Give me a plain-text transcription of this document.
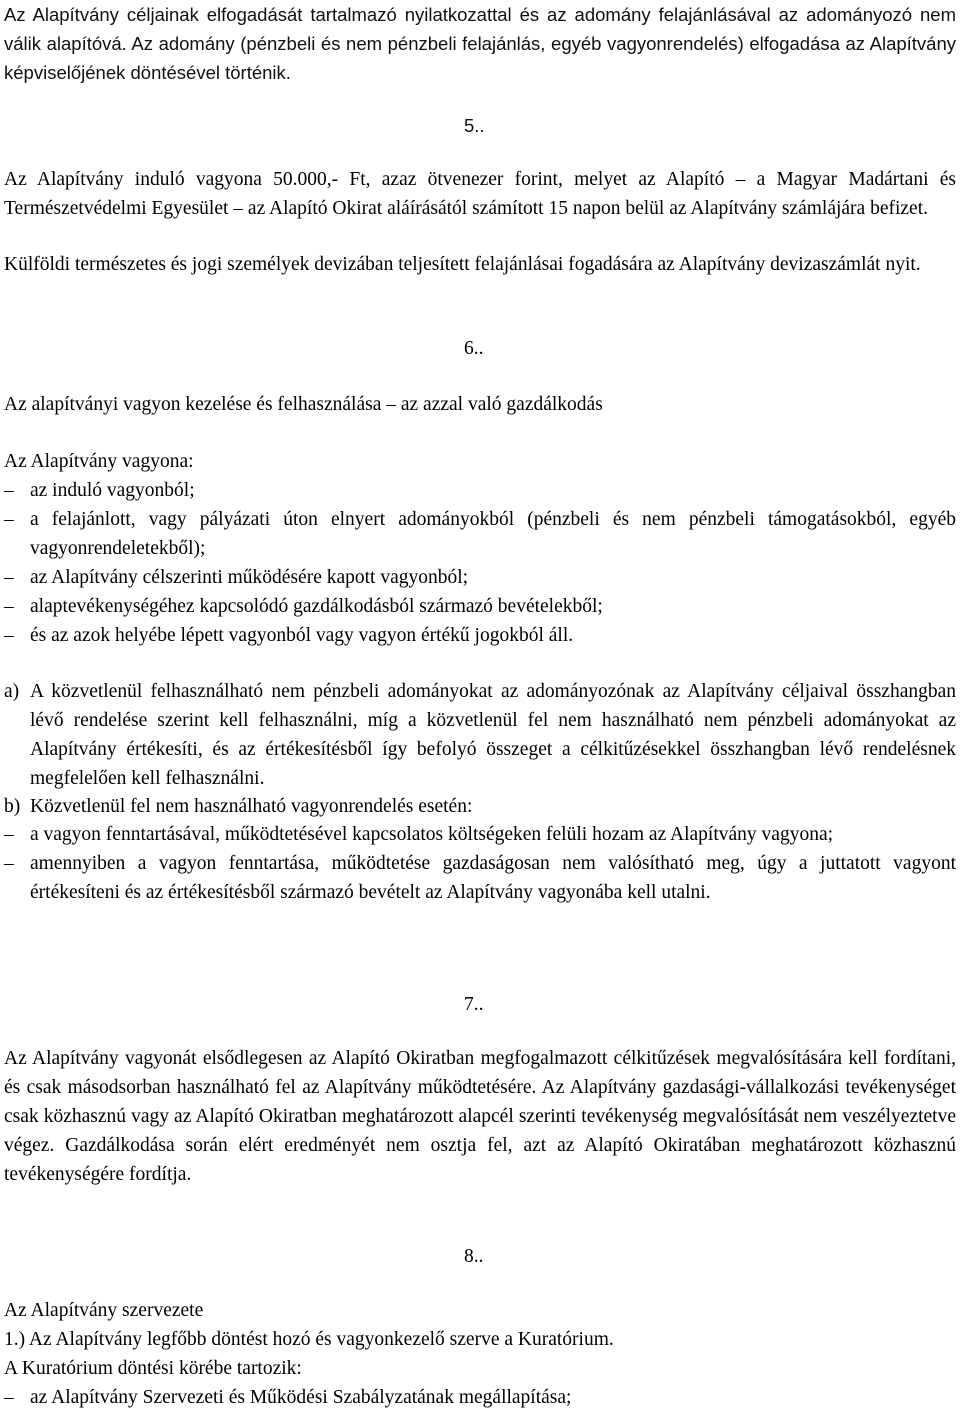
Az Alapítvány céljainak elfogadását tartalmazó nyilatkozattal és az adomány felajánlásával az adományozó nem válik alapítóvá. Az adomány (pénzbeli és nem pénzbeli felajánlás, egyéb vagyonrendelés) elfogadása az Alapítvány képviselőjének döntésével történik.

5..

Az Alapítvány induló vagyona 50.000,- Ft, azaz ötvenezer forint, melyet az Alapító – a Magyar Madártani és Természetvédelmi Egyesület – az Alapító Okirat aláírásától számított 15 napon belül az Alapítvány számlájára befizet.

Külföldi természetes és jogi személyek devizában teljesített felajánlásai fogadására az Alapítvány devizaszámlát nyit.

6..

Az alapítványi vagyon kezelése és felhasználása – az azzal való gazdálkodás

Az Alapítvány vagyona:

– az induló vagyonból;
– a felajánlott, vagy pályázati úton elnyert adományokból (pénzbeli és nem pénzbeli támogatásokból, egyéb vagyonrendeletekből);
– az Alapítvány célszerinti működésére kapott vagyonból;
– alaptevékenységéhez kapcsolódó gazdálkodásból származó bevételekből;
– és az azok helyébe lépett vagyonból vagy vagyon értékű jogokból áll.
a) A közvetlenül felhasználható nem pénzbeli adományokat az adományozónak az Alapítvány céljaival összhangban lévő rendelése szerint kell felhasználni, míg a közvetlenül fel nem használható nem pénzbeli adományokat az Alapítvány értékesíti, és az értékesítésből így befolyó összeget a célkitűzésekkel összhangban lévő rendelésnek megfelelően kell felhasználni.
b) Közvetlenül fel nem használható vagyonrendelés esetén:
– a vagyon fenntartásával, működtetésével kapcsolatos költségeken felüli hozam az Alapítvány vagyona;
– amennyiben a vagyon fenntartása, működtetése gazdaságosan nem valósítható meg, úgy a juttatott vagyont értékesíteni és az értékesítésből származó bevételt az Alapítvány vagyonába kell utalni.
7..

Az Alapítvány vagyonát elsődlegesen az Alapító Okiratban megfogalmazott célkitűzések megvalósítására kell fordítani, és csak másodsorban használható fel az Alapítvány működtetésére. Az Alapítvány gazdasági-vállalkozási tevékenységet csak közhasznú vagy az Alapító Okiratban meghatározott alapcél szerinti tevékenység megvalósítását nem veszélyeztetve végez. Gazdálkodása során elért eredményét nem osztja fel, azt az Alapító Okiratában meghatározott közhasznú tevékenységére fordítja.

8..

Az Alapítvány szervezete

1.) Az Alapítvány legfőbb döntést hozó és vagyonkezelő szerve a Kuratórium.

A Kuratórium döntési körébe tartozik:

– az Alapítvány Szervezeti és Működési Szabályzatának megállapítása;
